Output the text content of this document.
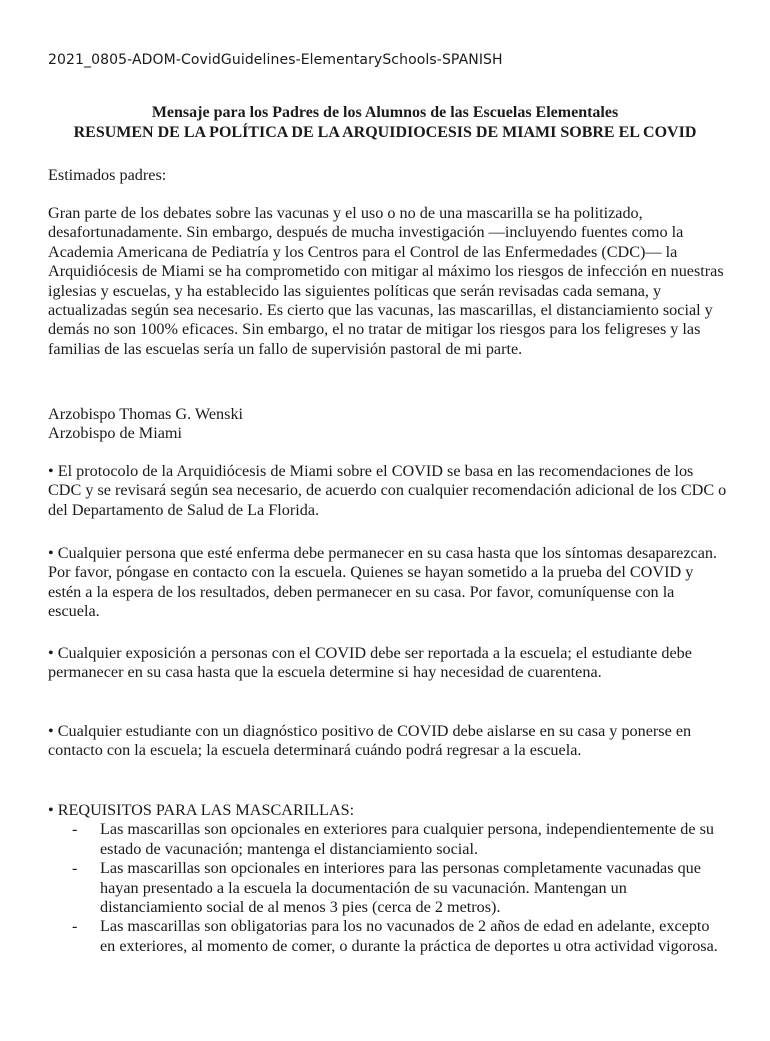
2021_0805-ADOM-CovidGuidelines-ElementarySchools-SPANISH
Mensaje para los Padres de los Alumnos de las Escuelas Elementales
RESUMEN DE LA POLÍTICA DE LA ARQUIDIOCESIS DE MIAMI SOBRE EL COVID
Estimados padres:
Gran parte de los debates sobre las vacunas y el uso o no de una mascarilla se ha politizado, desafortunadamente. Sin embargo, después de mucha investigación —incluyendo fuentes como la Academia Americana de Pediatría y los Centros para el Control de las Enfermedades (CDC)— la Arquidiócesis de Miami se ha comprometido con mitigar al máximo los riesgos de infección en nuestras iglesias y escuelas, y ha establecido las siguientes políticas que serán revisadas cada semana, y actualizadas según sea necesario. Es cierto que las vacunas, las mascarillas, el distanciamiento social y demás no son 100% eficaces. Sin embargo, el no tratar de mitigar los riesgos para los feligreses y las familias de las escuelas sería un fallo de supervisión pastoral de mi parte.
Arzobispo Thomas G. Wenski
Arzobispo de Miami
• El protocolo de la Arquidiócesis de Miami sobre el COVID se basa en las recomendaciones de los CDC y se revisará según sea necesario, de acuerdo con cualquier recomendación adicional de los CDC o del Departamento de Salud de La Florida.
• Cualquier persona que esté enferma debe permanecer en su casa hasta que los síntomas desaparezcan. Por favor, póngase en contacto con la escuela. Quienes se hayan sometido a la prueba del COVID y estén a la espera de los resultados, deben permanecer en su casa. Por favor, comuníquense con la escuela.
• Cualquier exposición a personas con el COVID debe ser reportada a la escuela; el estudiante debe permanecer en su casa hasta que la escuela determine si hay necesidad de cuarentena.
• Cualquier estudiante con un diagnóstico positivo de COVID debe aislarse en su casa y ponerse en contacto con la escuela; la escuela determinará cuándo podrá regresar a la escuela.
• REQUISITOS PARA LAS MASCARILLAS:
- Las mascarillas son opcionales en exteriores para cualquier persona, independientemente de su estado de vacunación; mantenga el distanciamiento social.
- Las mascarillas son opcionales en interiores para las personas completamente vacunadas que hayan presentado a la escuela la documentación de su vacunación. Mantengan un distanciamiento social de al menos 3 pies (cerca de 2 metros).
- Las mascarillas son obligatorias para los no vacunados de 2 años de edad en adelante, excepto en exteriores, al momento de comer, o durante la práctica de deportes u otra actividad vigorosa.
